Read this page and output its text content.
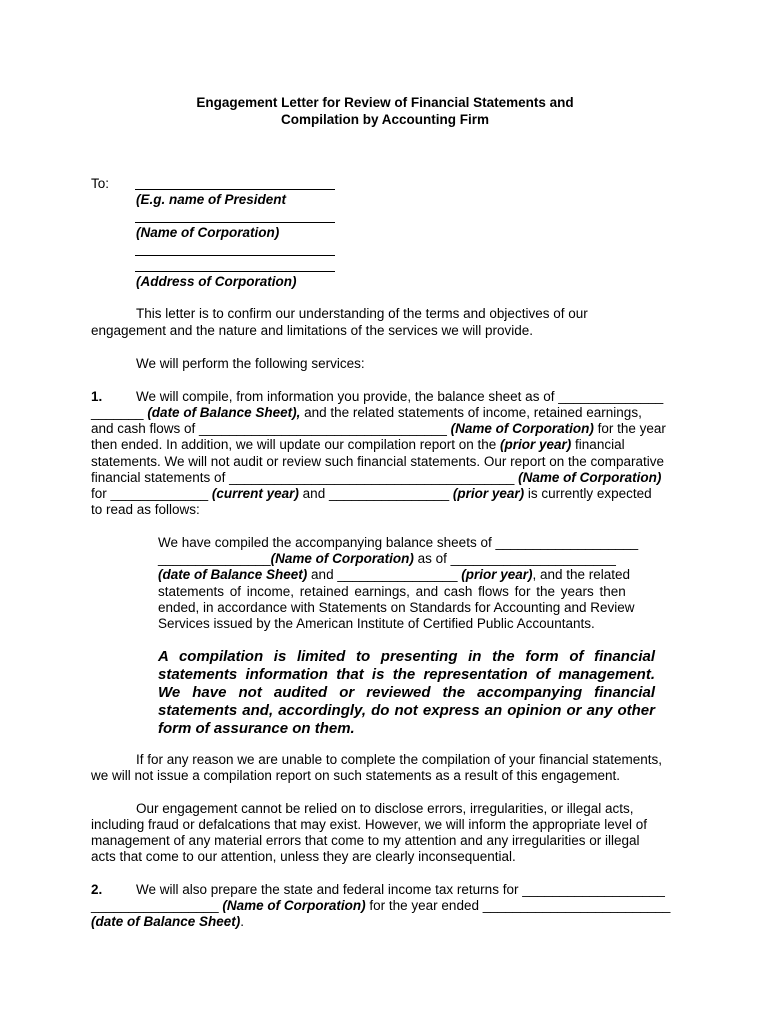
Engagement Letter for Review of Financial Statements and
Compilation by Accounting Firm
To:
(E.g. name of President
(Name of Corporation)
(Address of Corporation)
This letter is to confirm our understanding of the terms and objectives of our
engagement and the nature and limitations of the services we will provide.
We will perform the following services:
1. We will compile, from information you provide, the balance sheet as of ______________
_______ (date of Balance Sheet), and the related statements of income, retained earnings,
and cash flows of _________________________________ (Name of Corporation) for the year
then ended. In addition, we will update our compilation report on the (prior year) financial
statements. We will not audit or review such financial statements. Our report on the comparative
financial statements of ______________________________________ (Name of Corporation)
for _____________ (current year) and ________________ (prior year) is currently expected
to read as follows:
We have compiled the accompanying balance sheets of ___________________
_______________(Name of Corporation) as of ______________________
(date of Balance Sheet) and ________________ (prior year), and the related
statements of income, retained earnings, and cash flows for the years then
ended, in accordance with Statements on Standards for Accounting and Review
Services issued by the American Institute of Certified Public Accountants.
A compilation is limited to presenting in the form of financial
statements information that is the representation of management.
We have not audited or reviewed the accompanying financial
statements and, accordingly, do not express an opinion or any other
form of assurance on them.
If for any reason we are unable to complete the compilation of your financial statements,
we will not issue a compilation report on such statements as a result of this engagement.
Our engagement cannot be relied on to disclose errors, irregularities, or illegal acts,
including fraud or defalcations that may exist. However, we will inform the appropriate level of
management of any material errors that come to my attention and any irregularities or illegal
acts that come to our attention, unless they are clearly inconsequential.
2. We will also prepare the state and federal income tax returns for ___________________
_________________ (Name of Corporation) for the year ended _________________________
(date of Balance Sheet).
